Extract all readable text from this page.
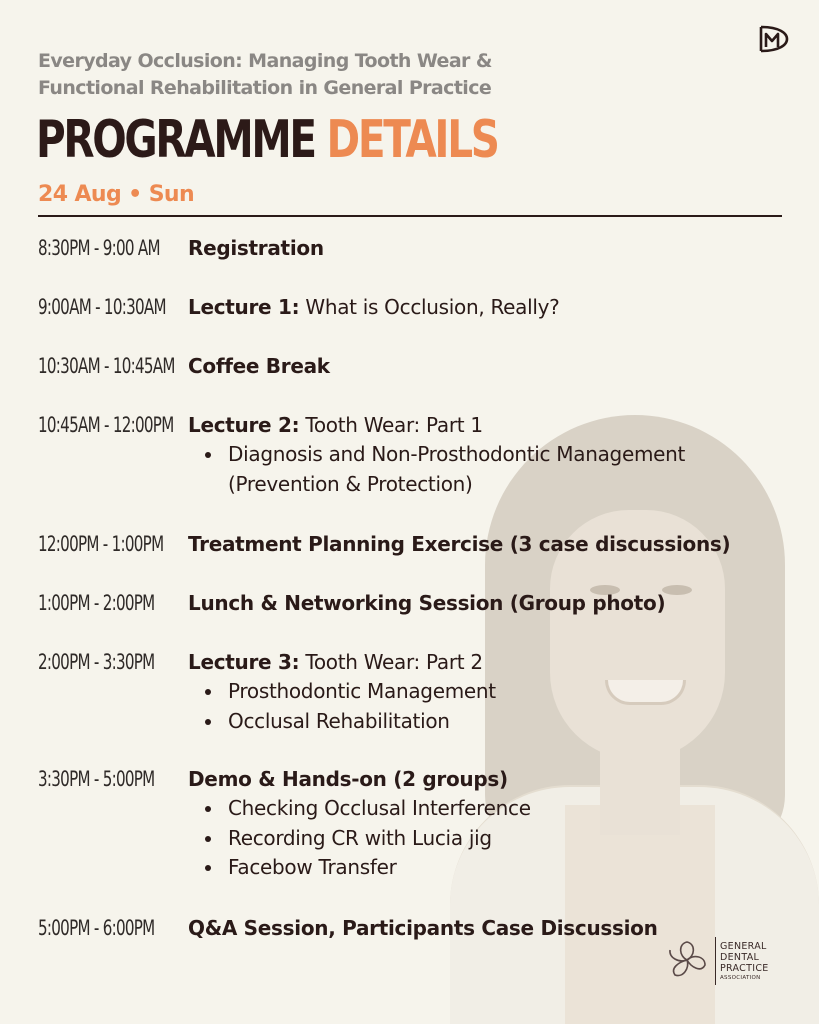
Everyday Occlusion: Managing Tooth Wear &
Functional Rehabilitation in General Practice
PROGRAMME DETAILS
24 Aug • Sun
8:30PM - 9:00 AM Registration
9:00AM - 10:30AM Lecture 1: What is Occlusion, Really?
10:30AM - 10:45AM Coffee Break
10:45AM - 12:00PM Lecture 2: Tooth Wear: Part 1
Diagnosis and Non-Prosthodontic Management
(Prevention & Protection)
12:00PM - 1:00PM Treatment Planning Exercise (3 case discussions)
1:00PM - 2:00PM Lunch & Networking Session (Group photo)
2:00PM - 3:30PM Lecture 3: Tooth Wear: Part 2
Prosthodontic Management
Occlusal Rehabilitation
3:30PM - 5:00PM Demo & Hands-on (2 groups)
Checking Occlusal Interference
Recording CR with Lucia jig
Facebow Transfer
5:00PM - 6:00PM Q&A Session, Participants Case Discussion
GENERAL
DENTAL
PRACTICE
ASSOCIATION
